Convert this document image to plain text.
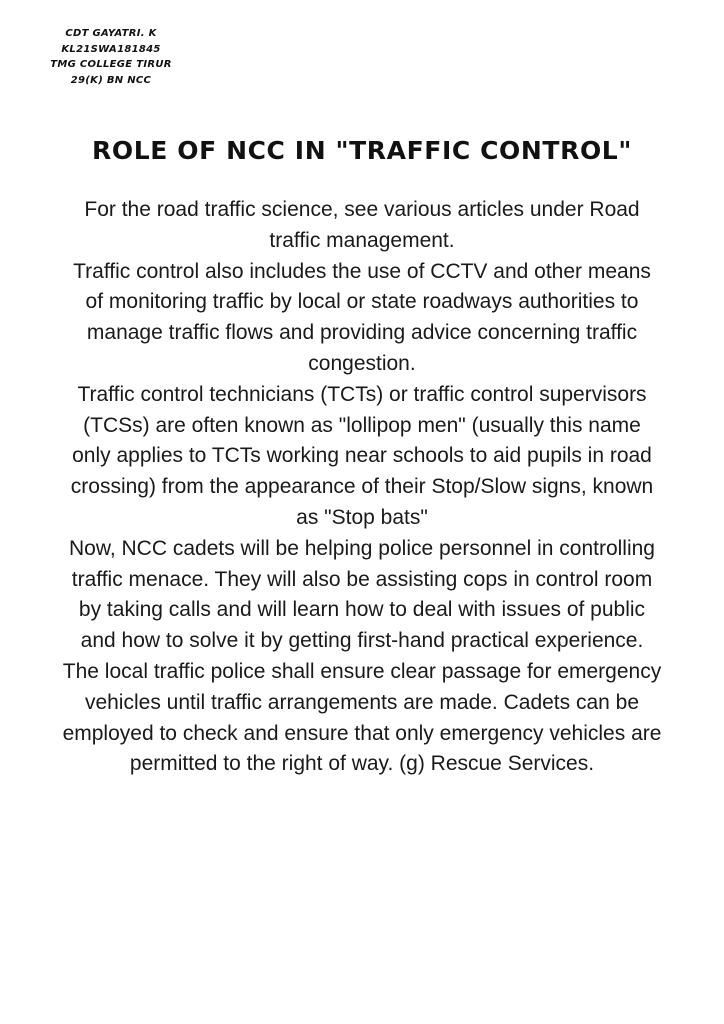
CDT GAYATRI. K
KL21SWA181845
TMG COLLEGE TIRUR
29(K) BN NCC
ROLE OF NCC IN "TRAFFIC CONTROL"

For the road traffic science, see various articles under Road traffic management.

Traffic control also includes the use of CCTV and other means of monitoring traffic by local or state roadways authorities to manage traffic flows and providing advice concerning traffic congestion.

Traffic control technicians (TCTs) or traffic control supervisors (TCSs) are often known as "lollipop men" (usually this name only applies to TCTs working near schools to aid pupils in road crossing) from the appearance of their Stop/Slow signs, known as "Stop bats"

Now, NCC cadets will be helping police personnel in controlling traffic menace. They will also be assisting cops in control room by taking calls and will learn how to deal with issues of public and how to solve it by getting first-hand practical experience.

The local traffic police shall ensure clear passage for emergency vehicles until traffic arrangements are made. Cadets can be employed to check and ensure that only emergency vehicles are permitted to the right of way. (g) Rescue Services.
